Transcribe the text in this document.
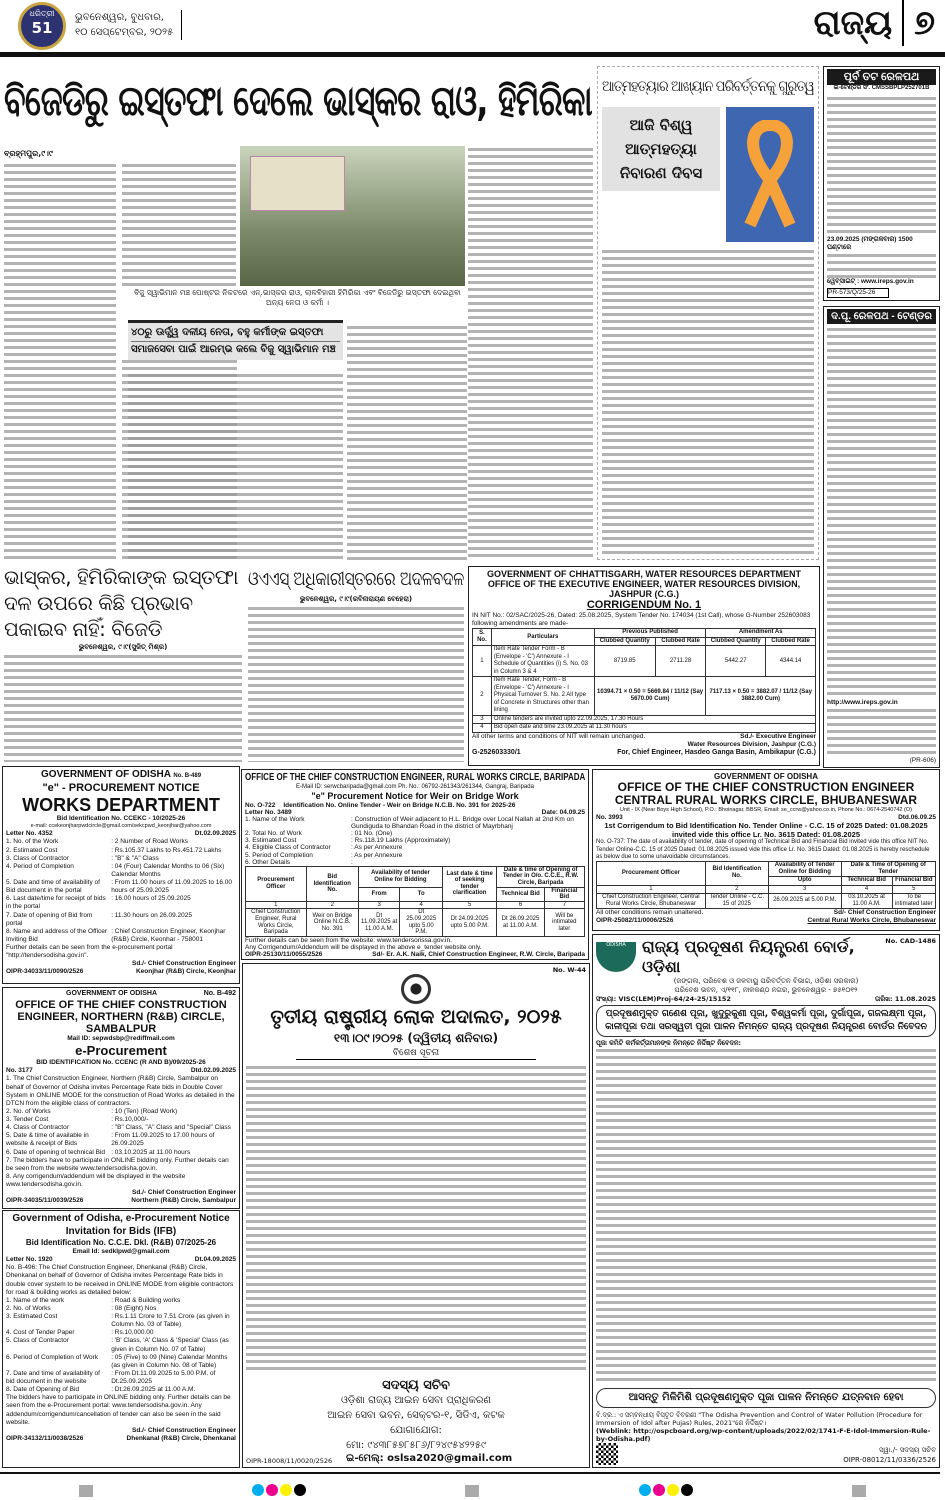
ଧରିତ୍ରୀ
51
ଭୁବନେଶ୍ୱର, ବୁଧବାର,
୧୦ ସେପ୍ଟେମ୍ବର, ୨୦୨୫	ରାଜ୍ୟ ୭
ବିଜେଡିରୁ ଇସ୍ତଫା ଦେଲେ ଭାସ୍କର ରାଓ, ହିମିରିକା
ବ୍ରହ୍ମପୁର,୯।୯
ବିଜୁ ସ୍ୱାଭିମାନ ମଞ୍ଚ ପୋଷ୍ଟର ନିକଟରେ ଏନ୍.ଭାସ୍କର ରାଓ, ଲାଳବିହାରୀ ହିମିରିକା ଏବଂ ବିଜେଡିରୁ ଇସ୍ତଫା ଦେଇଥିବା ଅନ୍ୟ ନେତା ଓ କର୍ମୀ ।
୪୦ରୁ ଊର୍ଦ୍ଧ୍ୱ ଦଳୀୟ ନେତା, ବହୁ କର୍ମୀଙ୍କ ଇସ୍ତଫା
ସମାଜସେବା ପାଇଁ ଆରମ୍ଭ କଲେ ବିଜୁ ସ୍ୱାଭିମାନ ମଞ୍ଚ
ଆତ୍ମହତ୍ୟାର ଆଖ୍ୟାନ ପରିବର୍ତ୍ତନକୁ ଗୁରୁତ୍ୱ
ଆଜି ବିଶ୍ୱ ଆତ୍ମହତ୍ୟା ନିବାରଣ ଦିବସ
ପୂର୍ବ ତଟ ରେଳପଥ
ଇ-ଟେଣ୍ଡର ସଂ. CMSSBPLP252701B
23.09.2025 (ମଙ୍ଗଳବାର) 1500 ଘଣ୍ଟାରେ
ୱେବ୍‌ସାଇଟ୍ : www.ireps.gov.in
PR-573/Q/25-26
ଦ.ପୂ. ରେଳପଥ - ଟେଣ୍ଡର
http://www.ireps.gov.in
(PR-606)
ଭାସ୍କର, ହିମିରିକାଙ୍କ ଇସ୍ତଫା ଦଳ ଉପରେ କିଛି ପ୍ରଭାବ ପକାଇବ ନାହିଁ: ବିଜେଡି
ଭୁବନେଶ୍ୱର, ୯।୯(ସୁଜିତ୍ ମିଶ୍ର)
ଓଏଏସ୍ ଅଧିକାରୀସ୍ତରରେ ଅଦଳବଦଳ
ଭୁବନେଶ୍ୱର, ୯।୯(ରବିନାରାୟଣ ବେହେରା)
GOVERNMENT OF CHHATTISGARH, WATER RESOURCES DEPARTMENT OFFICE OF THE EXECUTIVE ENGINEER, WATER RESOURCES DIVISION, JASHPUR (C.G.)
CORRIGENDUM No. 1
IN NIT No.: 02/SAC/2025-26, Dated: 25.08.2025, System Tender No. 174034 (1st Call), whose G-Number 252603083 following amendments are made-
S. No.	Particulars	Previous Published		Amendment As	
		Clubbed Quantity	Clubbed Rate	Clubbed Quantity	Clubbed Rate
1	Item Rate Tender Form - B (Envelope - 'C') Annexure - I Schedule of Quantities (i) S. No. 03 in Column 3 & 4	8719.85	2711.28	5442.27	4344.14
2	Item Rate Tender, Form - B (Envelope - 'C') Annexure - I Physical Turnover S. No. 2 All type of Concrete in Structures other than lining	10394.71 × 0.50 = 5669.84 / 11/12 (Say 5670.00 Cum)		7117.13 × 0.50 = 3882.07 / 11/12 (Say 3882.00 Cum)	
3	Online tenders are invited upto 22.09.2025, 17.30 Hours				
4	Bid open date and time 23.09.2025 at 11.30 hours				
All other terms and conditions of NIT will remain unchanged.	Sd./- Executive Engineer
Water Resources Division, Jashpur (C.G.)
G-252603330/1	For, Chief Engineer, Hasdeo Ganga Basin, Ambikapur (C.G.)
GOVERNMENT OF ODISHA No. B-489
"e" - PROCUREMENT NOTICE
WORKS DEPARTMENT
Bid Identification No. CCEKC - 10/2025-26
e-mail: ccekeonjharpwdcircle@gmail.com/sekcpwd_keonjhar@yahoo.com
Letter No. 4352	Dt.02.09.2025
1. No. of the Work	: 2 Number of Road Works
2. Estimated Cost	: Rs.105.37 Lakhs to Rs.451.72 Lakhs
3. Class of Contractor	: "B" & "A" Class
4. Period of Completion	: 04 (Four) Calendar Months to 06 (Six) Calendar Months
5. Date and time of availability of Bid document in the portal
: From 11.00 hours of 11.09.2025 to 16.00 hours of 25.09.2025
6. Last date/time for receipt of bids in the portal
: 16.00 hours of 25.09.2025
7. Date of opening of Bid from portal
: 11.30 hours on 26.09.2025
8. Name and address of the Officer Inviting Bid
: Chief Construction Engineer, Keonjhar (R&B) Circle, Keonhar - 758001
Further details can be seen from the e-procurement portal "http://tendersodisha.gov.in".
Sd./- Chief Construction Engineer
OIPR-34033/11/0090/2526	Keonjhar (R&B) Circle, Keonjhar
OFFICE OF THE CHIEF CONSTRUCTION ENGINEER, RURAL WORKS CIRCLE, BARIPADA
E-Mail ID: serwcbaripada@gmail.com Ph. No.: 06792-261343/261344, Gangraj, Baripada
"e" Procurement Notice for Weir on Bridge Work
No. O-722 Identification No. Online Tender - Weir on Bridge N.C.B. No. 391 for 2025-26
Letter No. 3489	Date: 04.09.25
1. Name of the Work	: Construction of Weir adjacent to H.L. Bridge over Local Nallah at 2nd Km on Gundiguda to Bhandan Road in the district of Mayrbhanj
2. Total No. of Work	: 01 No. (One)
3. Estimated Cost	: Rs.118.19 Lakhs (Approximately)
4. Eligible Class of Contractor	: As per Annexure
5. Period of Completion	: As per Annexure
6. Other Details	:
Procurement Officer	Bid Identification No.	Availability of tender Online for Bidding		Last date & time of seeking tender clarification	Date & time of Opening of Tender in O/o. C.C.E., R.W. Circle, Baripada	
		From	To		Technical Bid	Financial Bid
1	2	3	4	5	6	7
Chief Construction Engineer, Rural Works Circle, Baripada	Weir on Bridge Online N.C.B. No. 391	Dt 11.09.2025 at 11.00 A.M.	Dt 25.09.2025 upto 5.00 P.M.	Dt 24.09.2025 upto 5.00 P.M.	Dt 26.09.2025 at 11.00 A.M.	Will be intimated later
Further details can be seen from the website: www.tendersorissa.gov.in.
Any Corrigendum/Addendum will be displayed in the above e_tender website only.
OIPR-25130/11/0055/2526	Sd/- Er. A.K. Naik, Chief Construction Engineer, R.W. Circle, Baripada
GOVERNMENT OF ODISHA
OFFICE OF THE CHIEF CONSTRUCTION ENGINEER
CENTRAL RURAL WORKS CIRCLE, BHUBANESWAR
Unit - IX (Near Boys High School), P.O.: Bhoinagar, BBSR, Email: se_ccrw@yahoo.co.in, Phone No.: 0674-2540742 (O)
No. 3993	Dtd.06.09.25
1st Corrigendum to Bid Identification No. Tender Online - C.C. 15 of 2025 Dated: 01.08.2025 invited vide this office Lr. No. 3615 Dated: 01.08.2025
No. O-737: The date of availability of tender, date of opening of Technical Bid and Financial Bid invited vide this office NIT No. Tender Online-C.C. 15 of 2025 Dated: 01.08.2025 issued vide this office Lr. No. 3615 Dated: 01.08.2025 is hereby reschedule as below due to some unavoidable circumstances.
Procurement Officer	Bid Identification No.	Availability of Tender Online for Bidding	Date & Time of Opening of Tender	
		Upto	Technical Bid	Financial Bid
1	2	3	4	5
Chief Construction Engineer, Central Rural Works Circle, Bhubaneswar	Tender Online - C.C. 15 of 2025	26.09.2025 at 5.00 P.M.	03.10.2025 at 11.00 A.M.	To be intimated later
All other conditions remain unaltered.	Sd/- Chief Construction Engineer
OIPR-25082/11/0006/2526	Central Rural Works Circle, Bhubaneswar
GOVERNMENT OF ODISHA	No. B-492
OFFICE OF THE CHIEF CONSTRUCTION ENGINEER, NORTHERN (R&B) CIRCLE, SAMBALPUR
Mail ID: sepwdsbp@rediffmail.com
e-Procurement
BID IDENTIFICATION No. CCENC (R AND B)/09/2025-26
No. 3177	Dtd.02.09.2025
1. The Chief Construction Engineer, Northern (R&B) Circle, Sambalpur on behalf of Governor of Odisha invites Percentage Rate bids in Double Cover System in ONLINE MODE for the construction of Road Works as detailed in the DTCN from the eligible class of contractors.
2. No. of Works	: 10 (Ten) (Road Work)
3. Tender Cost	: Rs.10,000/-
4. Class of Contractor	: "B" Class, "A" Class and "Special" Class
5. Date & time of available in website & receipt of Bids
: From 11.09.2025 to 17.00 hours of 26.09.2025
6. Date of opening of technical Bid : 03.10.2025 at 11.00 hours
7. The bidders have to participate in ONLINE bidding only. Further details can be seen from the website www.tendersodisha.gov.in.
8. Any corrigendum/addendum will be displayed in the website www.tendersodisha.gov.in.
Sd./- Chief Construction Engineer
OIPR-34035/11/0039/2526	Northern (R&B) Circle, Sambalpur
Government of Odisha, e-Procurement Notice
Invitation for Bids (IFB)
Bid Identification No. C.C.E. Dkl. (R&B) 07/2025-26
Email Id: sedklpwd@gmail.com
Letter No. 1920	Dt.04.09.2025
No. B-496: The Chief Construction Engineer, Dhenkanal (R&B) Circle, Dhenkanal on behalf of Governor of Odisha invites Percentage Rate bids in double cover system to be received in ONLINE MODE from eligible contractors for road & building works as detailed below:
1. Name of the work	: Road & Building works
2. No. of Works	: 08 (Eight) Nos
3. Estimated Cost	: Rs.1.11 Crore to 7.51 Crore (as given in Column No. 03 of Table)
4. Cost of Tender Paper	: Rs.10,000.00
5. Class of Contractor	: 'B' Class, 'A' Class & 'Special' Class (as given in Column No. 07 of Table)
6. Period of Completion of Work	: 05 (Five) to 09 (Nine) Calendar Months (as given in Column No. 08 of Table)
7. Date and time of availability of bid document in the website
: From Dt.11.09.2025 to 5.00 P.M. of Dt.25.09.2025
8. Date of Opening of Bid	: Dt.26.09.2025 at 11.00 A.M.
The bidders have to participate in ONLINE bidding only. Further details can be seen from the e-Procurement portal: www.tendersodisha.gov.in. Any addendum/corrigendum/cancellation of tender can also be seen in the said website.
Sd./- Chief Construction Engineer
OIPR-34132/11/0038/2526	Dhenkanal (R&B) Circle, Dhenkanal
No. W-44
ତୃତୀୟ ରାଷ୍ଟ୍ରୀୟ ଲୋକ ଅଦାଲତ, ୨୦୨୫
୧୩।୦୯।୨୦୨୫ (ଦ୍ୱିତୀୟ ଶନିବାର)
ବିଶେଷ ସୂଚନା
ସଦସ୍ୟ ସଚିବ
ଓଡ଼ିଶା ରାଜ୍ୟ ଆଇନ ସେବା ପ୍ରାଧିକରଣ
ଆଇନ ସେବା ଭବନ, ସେକ୍ଟର-୧, ସିଡିଏ, କଟକ
ଯୋଗାଯୋଗ:
ମୋ: ୯୪୩୮୫୭୮୫୮୬/୮୨୪୯୫୪୨୨୫୯
OIPR-18008/11/0020/2526 ଇ-ମେଲ୍: oslsa2020@gmail.com
ODISHA	ରାଜ୍ୟ ପ୍ରଦୂଷଣ ନିୟନ୍ତ୍ରଣ ବୋର୍ଡ, ଓଡ଼ିଶା
No. CAD-1486
(ଜଙ୍ଗଲ, ପରିବେଶ ଓ ଜଳବାୟୁ ପରିବର୍ତ୍ତନ ବିଭାଗ, ଓଡ଼ିଶା ସରକାର)
ପରିବେଶ ଭବନ, ଏ/୧୧୮, ନୀଳକଣ୍ଠ ନଗର, ଭୁବନେଶ୍ୱର - ୭୫୧୦୧୨
ସଂଖ୍ୟା: VISC(LEM)Proj-64/24-25/15152	ତାରିଖ: 11.08.2025
ପ୍ରଦୂଷଣମୁକ୍ତ ଗଣେଶ ପୂଜା, ଖୁଦୁରୁକୁଣୀ ପୂଜା, ବିଶ୍ୱକର୍ମା ପୂଜା, ଦୁର୍ଗାପୂଜା, ଗଜଲକ୍ଷ୍ମୀ ପୂଜା, କାଳୀପୂଜା ତଥା ସରସ୍ୱତୀ ପୂଜା ପାଳନ ନିମନ୍ତେ ରାଜ୍ୟ ପ୍ରଦୂଷଣ ନିୟନ୍ତ୍ରଣ ବୋର୍ଡର ନିବେଦନ
ପୂଜା କମିଟି କର୍ମକର୍ତ୍ତାମାନଙ୍କ ନିମନ୍ତେ ନିର୍ଦ୍ଦିଷ୍ଟ ନିବେଦନ:
ଆସନ୍ତୁ ମିଳିମିଶି ପ୍ରଦୂଷଣମୁକ୍ତ ପୂଜା ପାଳନ ନିମନ୍ତେ ଯତ୍ନବାନ ହେବା
ବି.ଦ୍ର.: ଏ ସମ୍ବନ୍ଧୀୟ ବିସ୍ତୃତ ବିବରଣୀ "The Odisha Prevention and Control of Water Pollution (Procedure for Immersion of Idol after Pujas) Rules, 2021"ରେ ନିର୍ଦ୍ଦିଷ୍ଟ।
(Weblink: http://ospcboard.org/wp-content/uploads/2022/02/1741-F-E-Idol-Immersion-Rule-by-Odisha.pdf)
ସ୍ୱା./- ସଦସ୍ୟ ସଚିବ
OIPR-08012/11/0336/2526
